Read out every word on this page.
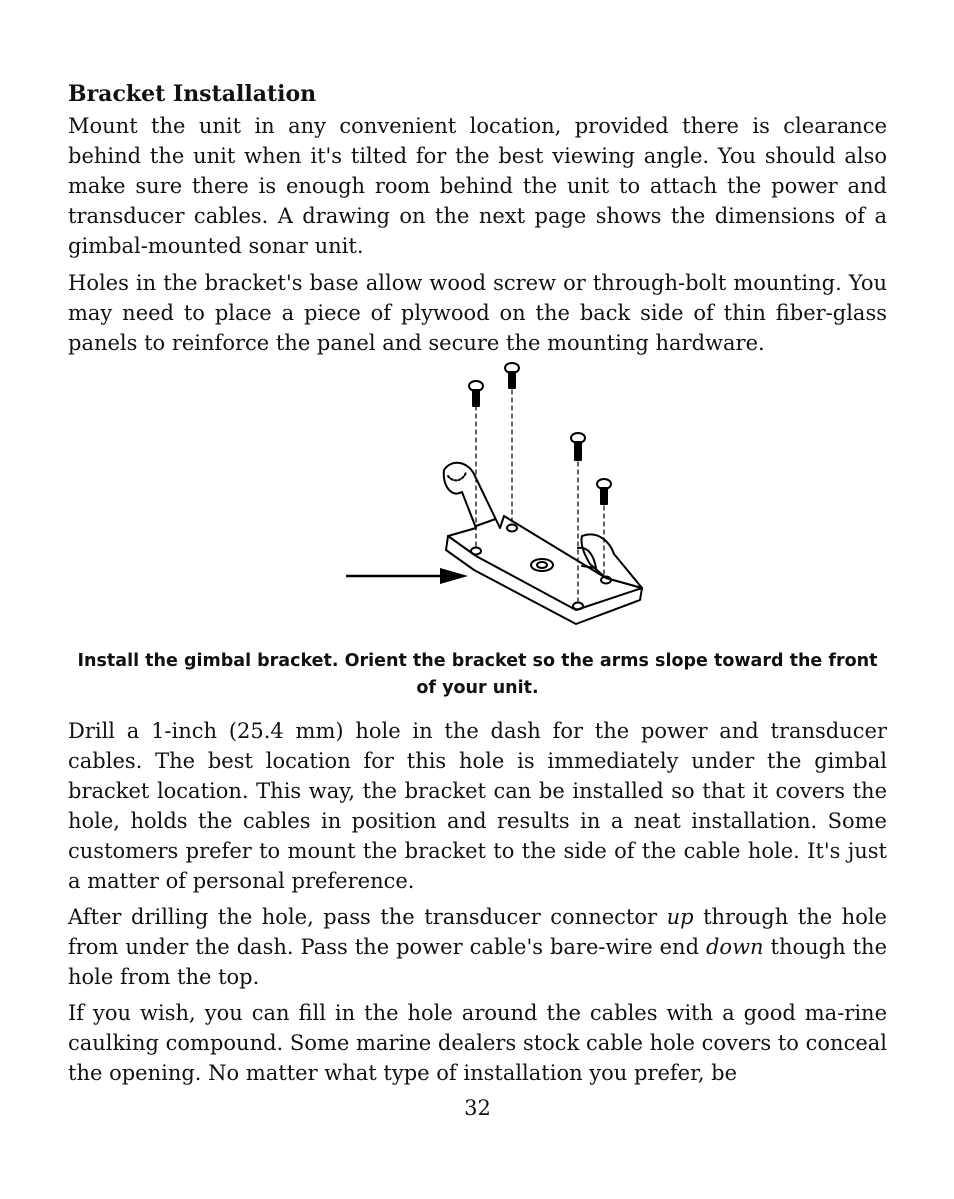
Bracket Installation

Mount the unit in any convenient location, provided there is clearance behind the unit when it's tilted for the best viewing angle. You should also make sure there is enough room behind the unit to attach the power and transducer cables. A drawing on the next page shows the dimensions of a gimbal-mounted sonar unit.

Holes in the bracket's base allow wood screw or through-bolt mounting. You may need to place a piece of plywood on the back side of thin fiber-glass panels to reinforce the panel and secure the mounting hardware.

Install the gimbal bracket. Orient the bracket so the arms slope toward the front of your unit.

Drill a 1-inch (25.4 mm) hole in the dash for the power and transducer cables. The best location for this hole is immediately under the gimbal bracket location. This way, the bracket can be installed so that it covers the hole, holds the cables in position and results in a neat installation. Some customers prefer to mount the bracket to the side of the cable hole. It's just a matter of personal preference.

After drilling the hole, pass the transducer connector up through the hole from under the dash. Pass the power cable's bare-wire end down though the hole from the top.

If you wish, you can fill in the hole around the cables with a good ma-rine caulking compound. Some marine dealers stock cable hole covers to conceal the opening. No matter what type of installation you prefer, be

32
